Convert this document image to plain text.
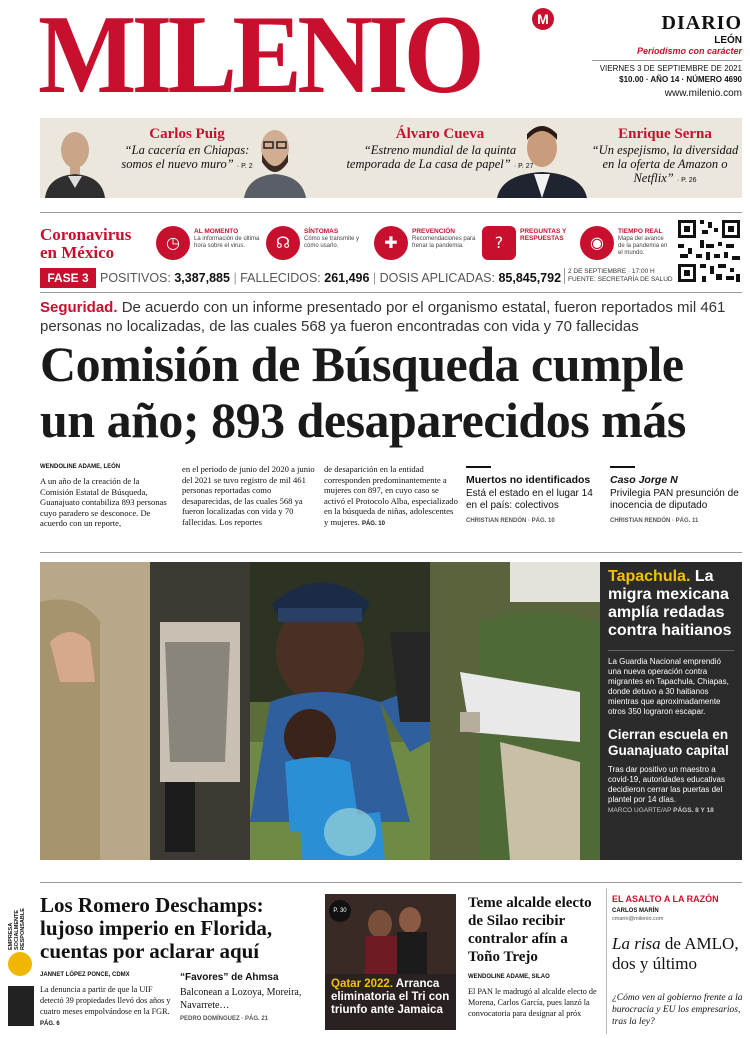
MILENIO	M	DIARIO
LEÓN
Periodismo con carácter
VIERNES 3 DE SEPTIEMBRE DE 2021
$10.00 · AÑO 14 · NÚMERO 4690
www.milenio.com
Carlos Puig
“La cacería en Chiapas: somos el nuevo muro” · P. 2
Álvaro Cueva
“Estreno mundial de la quinta temporada de La casa de papel” · P. 27
Enrique Serna
“Un espejismo, la diversidad en la oferta de Amazon o Netflix” · P. 26
Coronavirus
en México
◷
AL MOMENTO
La información de última hora sobre el virus.	☊
SÍNTOMAS
Cómo se transmite y cómo usarlo.	✚
PREVENCIÓN
Recomendaciones para frenar la pandemia.	?
PREGUNTAS Y RESPUESTAS	◉
TIEMPO REAL
Mapa del avance de la pandemia en el mundo.
FASE 3 POSITIVOS: 3,387,885 | FALLECIDOS: 261,496 | DOSIS APLICADAS: 85,845,792 2 DE SEPTIEMBRE · 17:00 H
FUENTE: SECRETARÍA DE SALUD
Seguridad. De acuerdo con un informe presentado por el organismo estatal, fueron reportados mil 461 personas no localizadas, de las cuales 568 ya fueron encontradas con vida y 70 fallecidas
Comisión de Búsqueda cumple un año; 893 desaparecidos más
WENDOLINE ADAME, LEÓN
A un año de la creación de la Comisión Estatal de Búsqueda, Guanajuato contabiliza 893 personas cuyo paradero se desconoce. De acuerdo con un reporte,
en el periodo de junio del 2020 a junio del 2021 se tuvo registro de mil 461 personas reportadas como desaparecidas, de las cuales 568 ya fueron localizadas con vida y 70 fallecidas. Los reportes
de desaparición en la entidad corresponden predominantemente a mujeres con 897, en cuyo caso se activó el Protocolo Alba, especializado en la búsqueda de niñas, adolescentes y mujeres. PÁG. 10
Muertos no identificados
Está el estado en el lugar 14 en el país: colectivos
CHRISTIAN RENDÓN · PÁG. 10
Caso Jorge N
Privilegia PAN presunción de inocencia de diputado
CHRISTIAN RENDÓN · PÁG. 11
Tapachula. La migra mexicana amplía redadas contra haitianos
La Guardia Nacional emprendió una nueva operación contra migrantes en Tapachula, Chiapas, donde detuvo a 30 haitianos mientras que aproximadamente otros 350 lograron escapar.
Cierran escuela en Guanajuato capital
Tras dar positivo un maestro a covid-19, autoridades educativas decidieron cerrar las puertas del plantel por 14 días.
MARCO UGARTE/AP PÁGS. 8 Y 18
EMPRESA SOCIALMENTE RESPONSABLE
Los Romero Deschamps: lujoso imperio en Florida, cuentas por aclarar aquí
JANNET LÓPEZ PONCE, CDMX
La denuncia a partir de que la UIF detectó 39 propiedades llevó dos años y cuatro meses empolvándose en la FGR. PÁG. 6
“Favores” de Ahmsa
Balconean a Lozoya, Moreira, Navarrete…
PEDRO DOMÍNGUEZ · PÁG. 21
P. 30
Qatar 2022. Arranca eliminatoria el Tri con triunfo ante Jamaica
Teme alcalde electo de Silao recibir contralor afín a Toño Trejo
WENDOLINE ADAME, SILAO
El PAN le madrugó al alcalde electo de Morena, Carlos García, pues lanzó la convocatoria para designar al próx
EL ASALTO A LA RAZÓN
CARLOS MARÍN
cmarin@milenio.com
La risa de AMLO, dos y último
¿Cómo ven al gobierno frente a la burocracia y EU los empresarios, tras la ley?
